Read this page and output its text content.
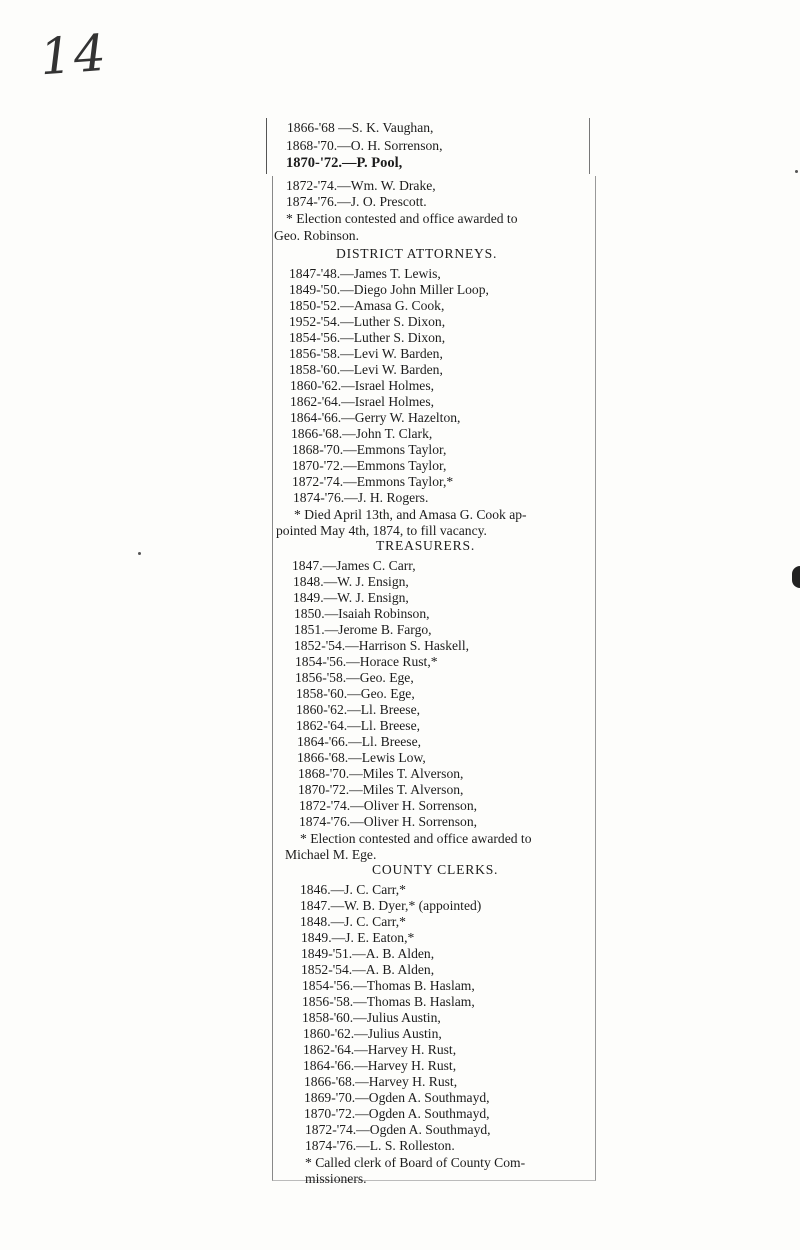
14
1866-'68 —S. K. Vaughan,
1868-'70.—O. H. Sorrenson,
1870-'72.—P. Pool,
1872-'74.—Wm. W. Drake,
1874-'76.—J. O. Prescott.
* Election contested and office awarded to
Geo. Robinson.
DISTRICT ATTORNEYS.
1847-'48.—James T. Lewis,
1849-'50.—Diego John Miller Loop,
1850-'52.—Amasa G. Cook,
1952-'54.—Luther S. Dixon,
1854-'56.—Luther S. Dixon,
1856-'58.—Levi W. Barden,
1858-'60.—Levi W. Barden,
1860-'62.—Israel Holmes,
1862-'64.—Israel Holmes,
1864-'66.—Gerry W. Hazelton,
1866-'68.—John T. Clark,
1868-'70.—Emmons Taylor,
1870-'72.—Emmons Taylor,
1872-'74.—Emmons Taylor,*
1874-'76.—J. H. Rogers.
* Died April 13th, and Amasa G. Cook ap-
pointed May 4th, 1874, to fill vacancy.
TREASURERS.
1847.—James C. Carr,
1848.—W. J. Ensign,
1849.—W. J. Ensign,
1850.—Isaiah Robinson,
1851.—Jerome B. Fargo,
1852-'54.—Harrison S. Haskell,
1854-'56.—Horace Rust,*
1856-'58.—Geo. Ege,
1858-'60.—Geo. Ege,
1860-'62.—Ll. Breese,
1862-'64.—Ll. Breese,
1864-'66.—Ll. Breese,
1866-'68.—Lewis Low,
1868-'70.—Miles T. Alverson,
1870-'72.—Miles T. Alverson,
1872-'74.—Oliver H. Sorrenson,
1874-'76.—Oliver H. Sorrenson,
* Election contested and office awarded to
Michael M. Ege.
COUNTY CLERKS.
1846.—J. C. Carr,*
1847.—W. B. Dyer,* (appointed)
1848.—J. C. Carr,*
1849.—J. E. Eaton,*
1849-'51.—A. B. Alden,
1852-'54.—A. B. Alden,
1854-'56.—Thomas B. Haslam,
1856-'58.—Thomas B. Haslam,
1858-'60.—Julius Austin,
1860-'62.—Julius Austin,
1862-'64.—Harvey H. Rust,
1864-'66.—Harvey H. Rust,
1866-'68.—Harvey H. Rust,
1869-'70.—Ogden A. Southmayd,
1870-'72.—Ogden A. Southmayd,
1872-'74.—Ogden A. Southmayd,
1874-'76.—L. S. Rolleston.
* Called clerk of Board of County Com-
missioners.
